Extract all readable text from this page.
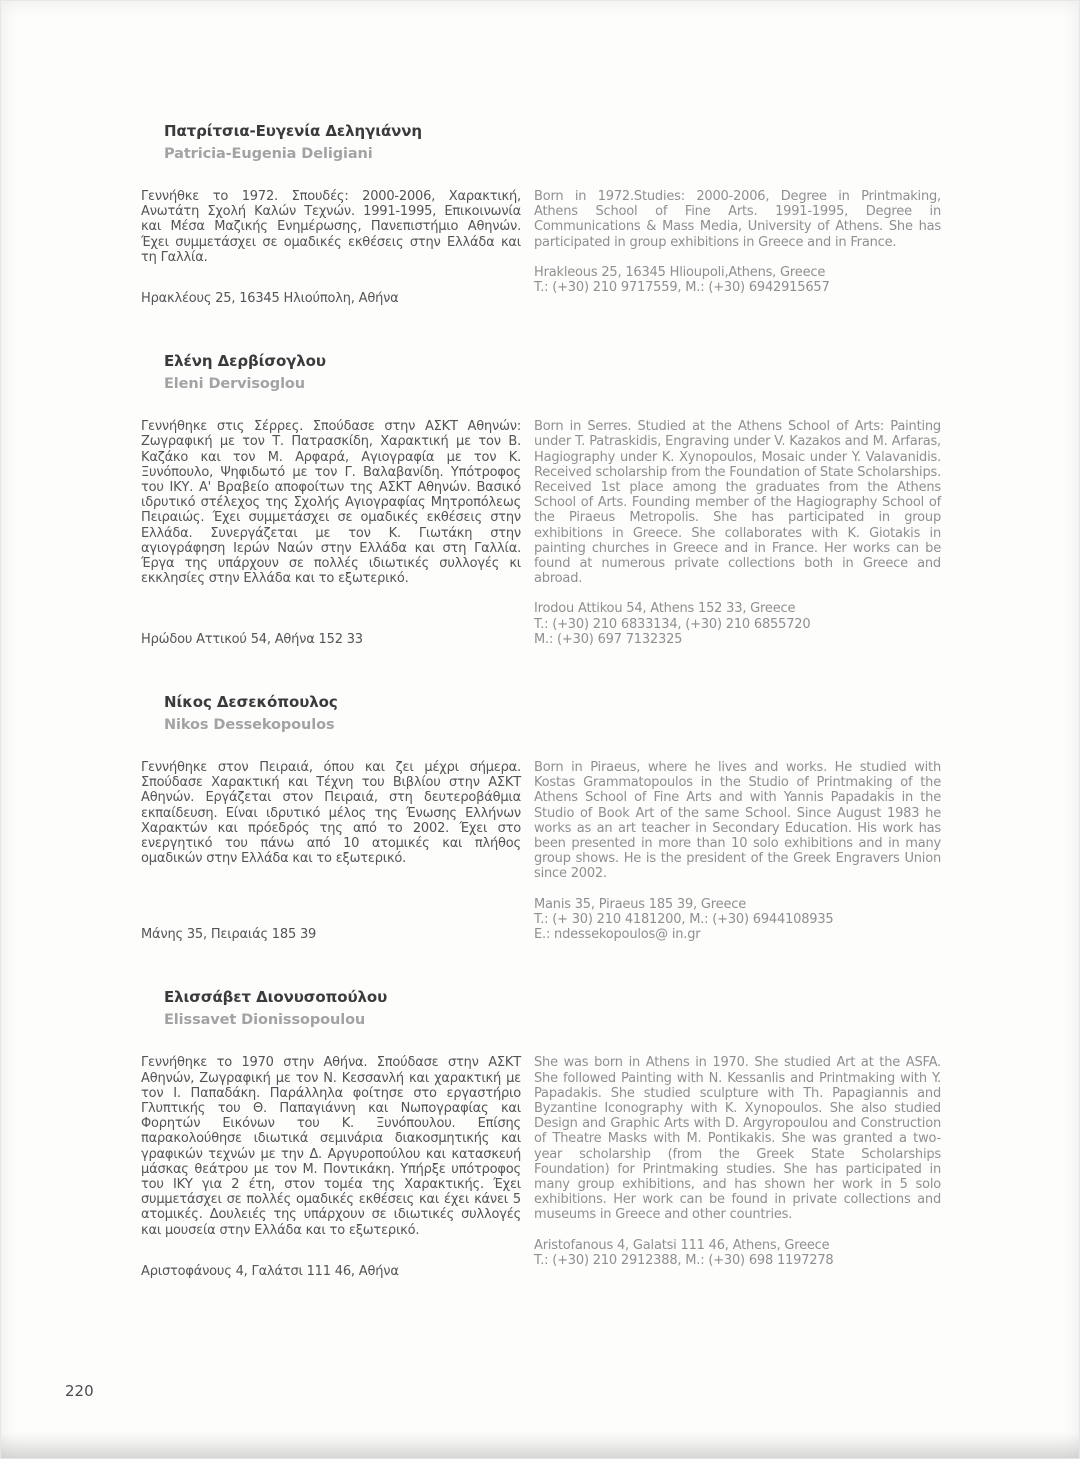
Πατρίτσια-Ευγενία Δεληγιάννη
Patricia-Eugenia Deligiani

Γεννήθκε το 1972. Σπουδές: 2000-2006, Χαρακτική, Ανωτάτη Σχολή Καλών Τεχνών. 1991-1995, Επικοινωνία και Μέσα Μαζικής Ενημέρωσης, Πανεπιστήμιο Αθηνών. Έχει συμμετάσχει σε ομαδικές εκθέσεις στην Ελλάδα και τη Γαλλία.

Ηρακλέους 25, 16345 Ηλιούπολη, Αθήνα

Born in 1972.Studies: 2000-2006, Degree in Printmaking, Athens School of Fine Arts. 1991-1995, Degree in Communications & Mass Media, University of Athens. She has participated in group exhibitions in Greece and in France.

Hrakleous 25, 16345 Hlioupoli,Athens, Greece

T.: (+30) 210 9717559, M.: (+30) 6942915657

Ελένη Δερβίσογλου
Eleni Dervisoglou

Γεννήθηκε στις Σέρρες. Σπούδασε στην ΑΣΚΤ Αθηνών: Ζωγραφική με τον Τ. Πατρασκίδη, Χαρακτική με τον Β. Καζάκο και τον Μ. Αρφαρά, Αγιογραφία με τον Κ. Ξυνόπουλο, Ψηφιδωτό με τον Γ. Βαλαβανίδη. Υπότροφος του ΙΚΥ. Α' Βραβείο αποφοίτων της ΑΣΚΤ Αθηνών. Βασικό ιδρυτικό στέλεχος της Σχολής Αγιογραφίας Μητροπόλεως Πειραιώς. Έχει συμμετάσχει σε ομαδικές εκθέσεις στην Ελλάδα. Συνεργάζεται με τον Κ. Γιωτάκη στην αγιογράφηση Ιερών Ναών στην Ελλάδα και στη Γαλλία. Έργα της υπάρχουν σε πολλές ιδιωτικές συλλογές κι εκκλησίες στην Ελλάδα και το εξωτερικό.

Ηρώδου Αττικού 54, Αθήνα 152 33

Born in Serres. Studied at the Athens School of Arts: Painting under T. Patraskidis, Engraving under V. Kazakos and M. Arfaras, Hagiography under K. Xynopoulos, Mosaic under Y. Valavanidis. Received scholarship from the Foundation of State Scholarships. Received 1st place among the graduates from the Athens School of Arts. Founding member of the Hagiography School of the Piraeus Metropolis. She has participated in group exhibitions in Greece. She collaborates with K. Giotakis in painting churches in Greece and in France. Her works can be found at numerous private collections both in Greece and abroad.

Irodou Attikou 54, Athens 152 33, Greece

T.: (+30) 210 6833134, (+30) 210 6855720

M.: (+30) 697 7132325

Νίκος Δεσεκόπουλος
Nikos Dessekopoulos

Γεννήθηκε στον Πειραιά, όπου και ζει μέχρι σήμερα. Σπούδασε Χαρακτική και Τέχνη του Βιβλίου στην ΑΣΚΤ Αθηνών. Εργάζεται στον Πειραιά, στη δευτεροβάθμια εκπαίδευση. Είναι ιδρυτικό μέλος της Ένωσης Ελλήνων Χαρακτών και πρόεδρός της από το 2002. Έχει στο ενεργητικό του πάνω από 10 ατομικές και πλήθος ομαδικών στην Ελλάδα και το εξωτερικό.

Μάνης 35, Πειραιάς 185 39

Born in Piraeus, where he lives and works. He studied with Kostas Grammatopoulos in the Studio of Printmaking of the Athens School of Fine Arts and with Yannis Papadakis in the Studio of Book Art of the same School. Since August 1983 he works as an art teacher in Secondary Education. His work has been presented in more than 10 solo exhibitions and in many group shows. He is the president of the Greek Engravers Union since 2002.

Manis 35, Piraeus 185 39, Greece

T.: (+ 30) 210 4181200, M.: (+30) 6944108935

E.: ndessekopoulos@ in.gr

Ελισσάβετ Διονυσοπούλου
Elissavet Dionissopoulou

Γεννήθηκε το 1970 στην Αθήνα. Σπούδασε στην ΑΣΚΤ Αθηνών, Ζωγραφική με τον Ν. Κεσσανλή και χαρακτική με τον Ι. Παπαδάκη. Παράλληλα φοίτησε στο εργαστήριο Γλυπτικής του Θ. Παπαγιάννη και Νωπογραφίας και Φορητών Εικόνων του Κ. Ξυνόπουλου. Επίσης παρακολούθησε ιδιωτικά σεμινάρια διακοσμητικής και γραφικών τεχνών με την Δ. Αργυροπούλου και κατασκευή μάσκας θεάτρου με τον Μ. Ποντικάκη. Υπήρξε υπότροφος του ΙΚΥ για 2 έτη, στον τομέα της Χαρακτικής. Έχει συμμετάσχει σε πολλές ομαδικές εκθέσεις και έχει κάνει 5 ατομικές. Δουλειές της υπάρχουν σε ιδιωτικές συλλογές και μουσεία στην Ελλάδα και το εξωτερικό.

Αριστοφάνους 4, Γαλάτσι 111 46, Αθήνα

She was born in Athens in 1970. She studied Art at the ASFA. She followed Painting with N. Kessanlis and Printmaking with Y. Papadakis. She studied sculpture with Th. Papagiannis and Byzantine Iconography with K. Xynopoulos. She also studied Design and Graphic Arts with D. Argyropoulou and Construction of Theatre Masks with M. Pontikakis. She was granted a two-year scholarship (from the Greek State Scholarships Foundation) for Printmaking studies. She has participated in many group exhibitions, and has shown her work in 5 solo exhibitions. Her work can be found in private collections and museums in Greece and other countries.

Aristofanous 4, Galatsi 111 46, Athens, Greece

T.: (+30) 210 2912388, M.: (+30) 698 1197278

220
